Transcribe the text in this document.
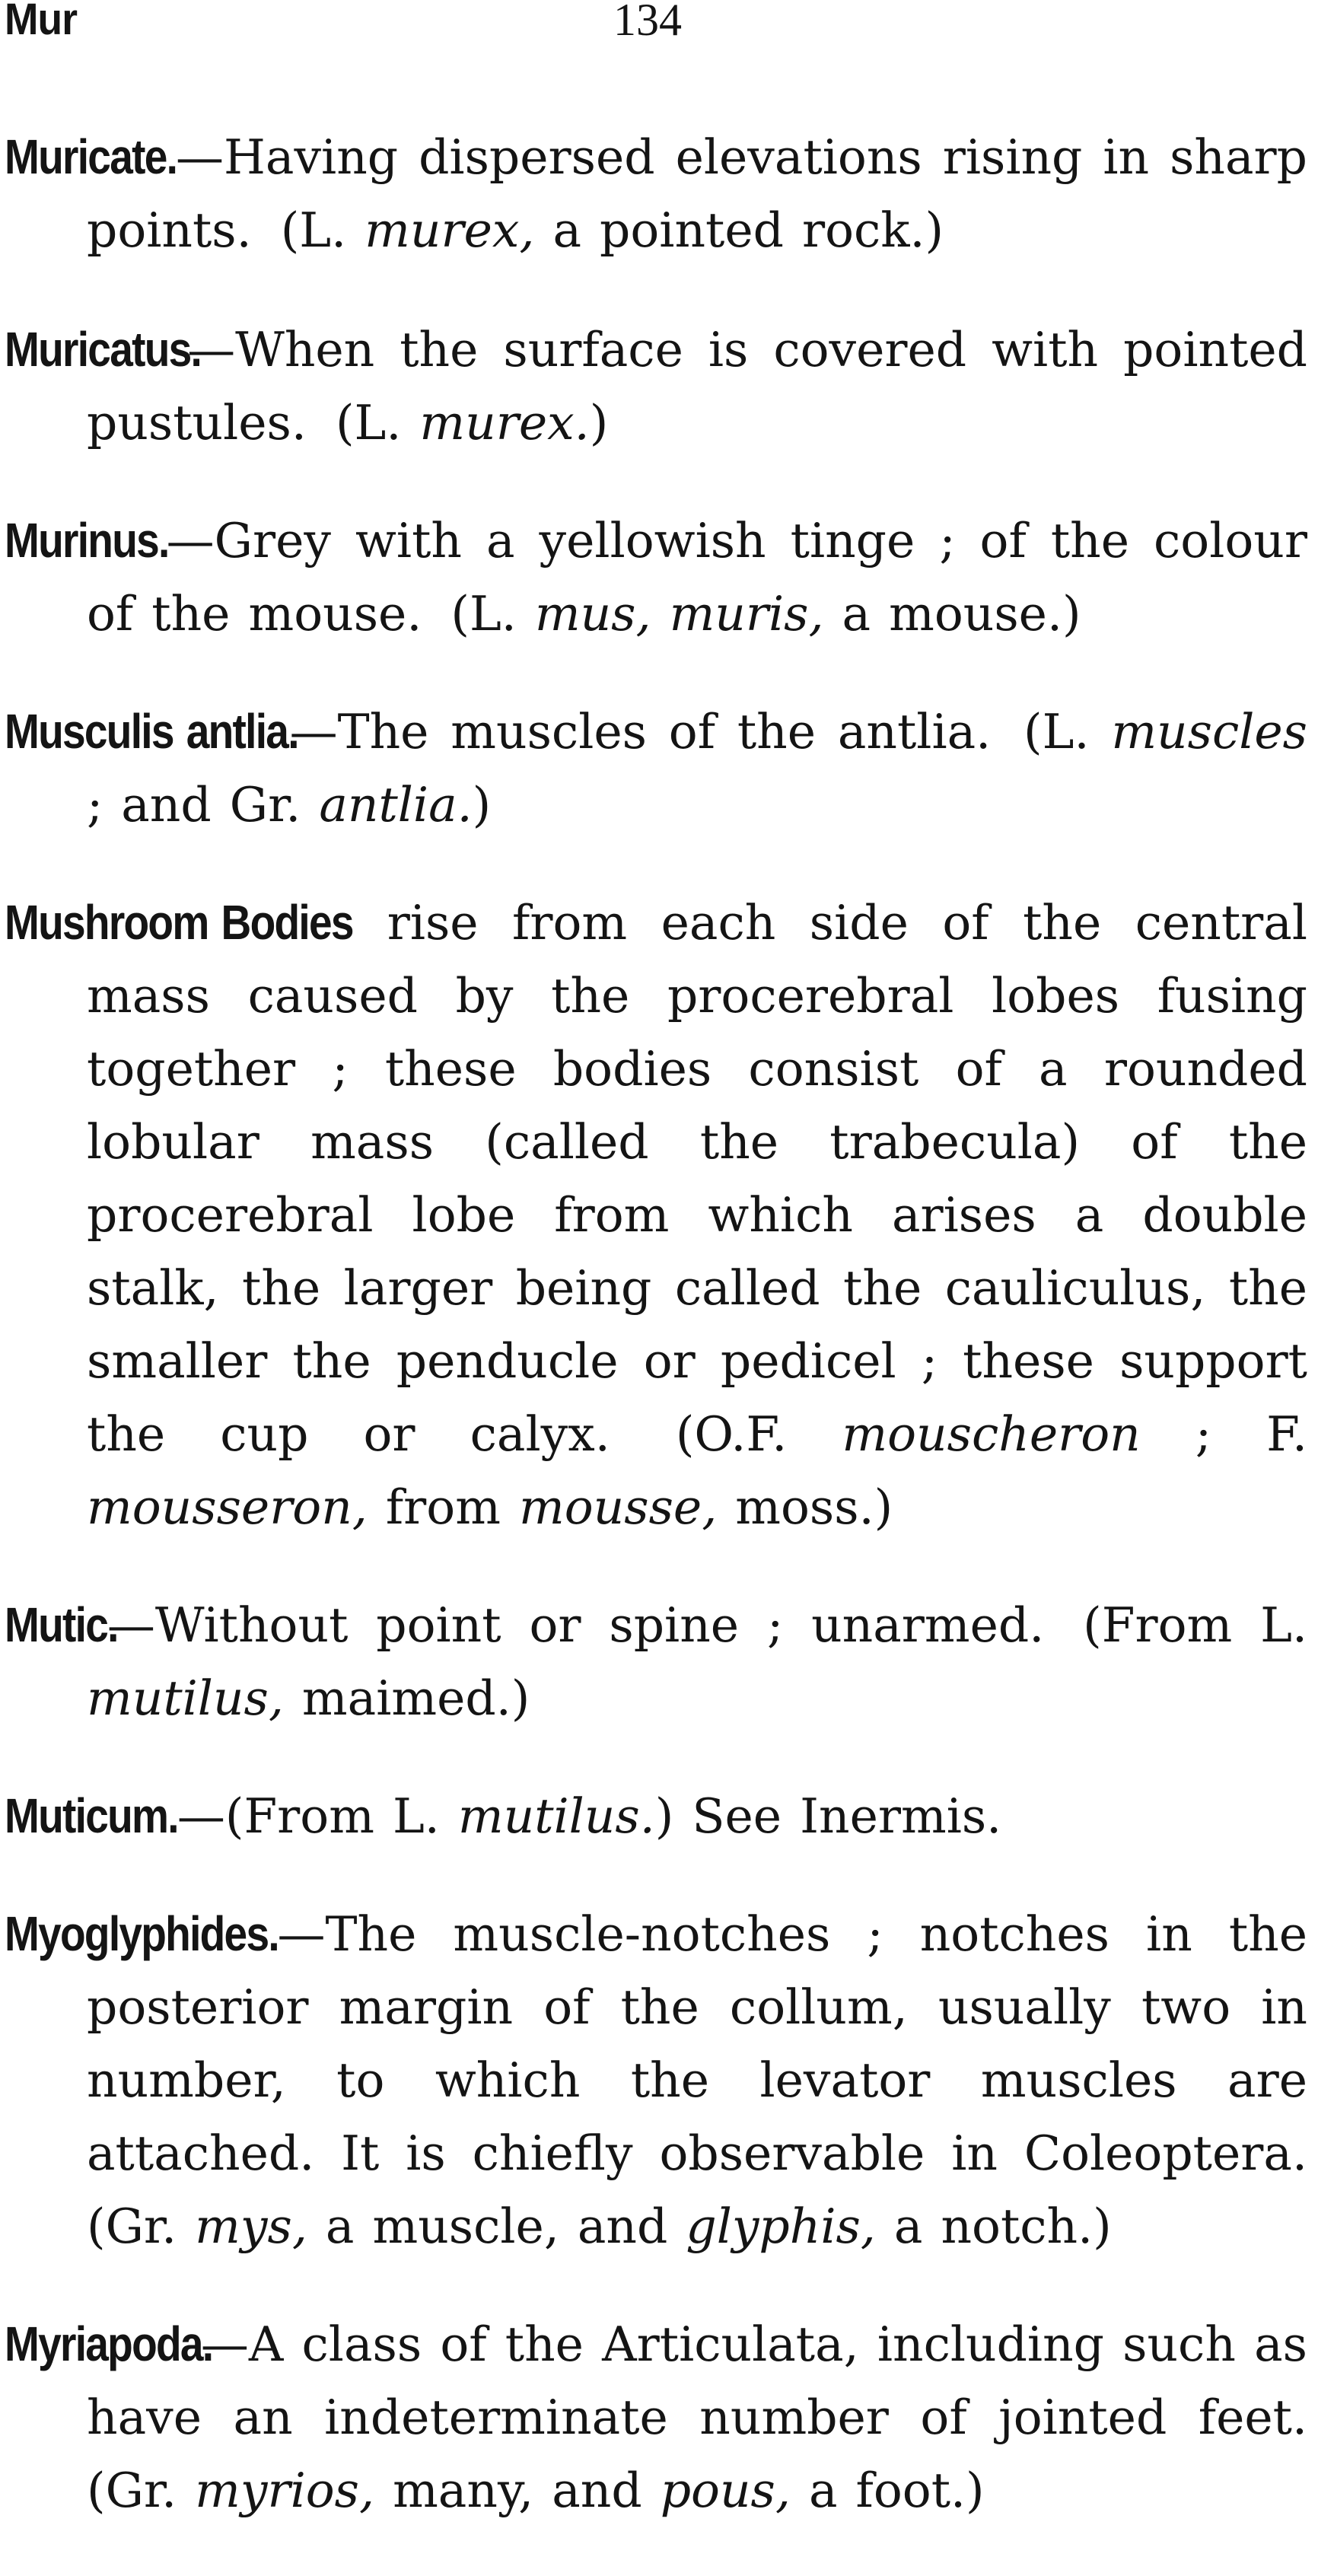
Mur	134

Muricate.—Having dispersed elevations rising in sharp points. (L. murex, a pointed rock.)

Muricatus.—When the surface is covered with pointed pustules. (L. murex.)

Murinus.—Grey with a yellowish tinge ; of the colour of the mouse. (L. mus, muris, a mouse.)

Musculis antlia.—The muscles of the antlia. (L. muscles ; and Gr. antlia.)

Mushroom Bodies rise from each side of the central mass caused by the procerebral lobes fusing together ; these bodies consist of a rounded lobular mass (called the trabecula) of the procerebral lobe from which arises a double stalk, the larger being called the cauliculus, the smaller the penducle or pedicel ; these support the cup or calyx. (O.F. mouscheron ; F. mousseron, from mousse, moss.)

Mutic.—Without point or spine ; unarmed. (From L. mutilus, maimed.)

Muticum.—(From L. mutilus.) See Inermis.

Myoglyphides.—The muscle-notches ; notches in the posterior margin of the collum, usually two in number, to which the levator muscles are attached. It is chiefly observable in Coleoptera. (Gr. mys, a muscle, and glyphis, a notch.)

Myriapoda.—A class of the Articulata, including such as have an indeterminate number of jointed feet. (Gr. myrios, many, and pous, a foot.)
